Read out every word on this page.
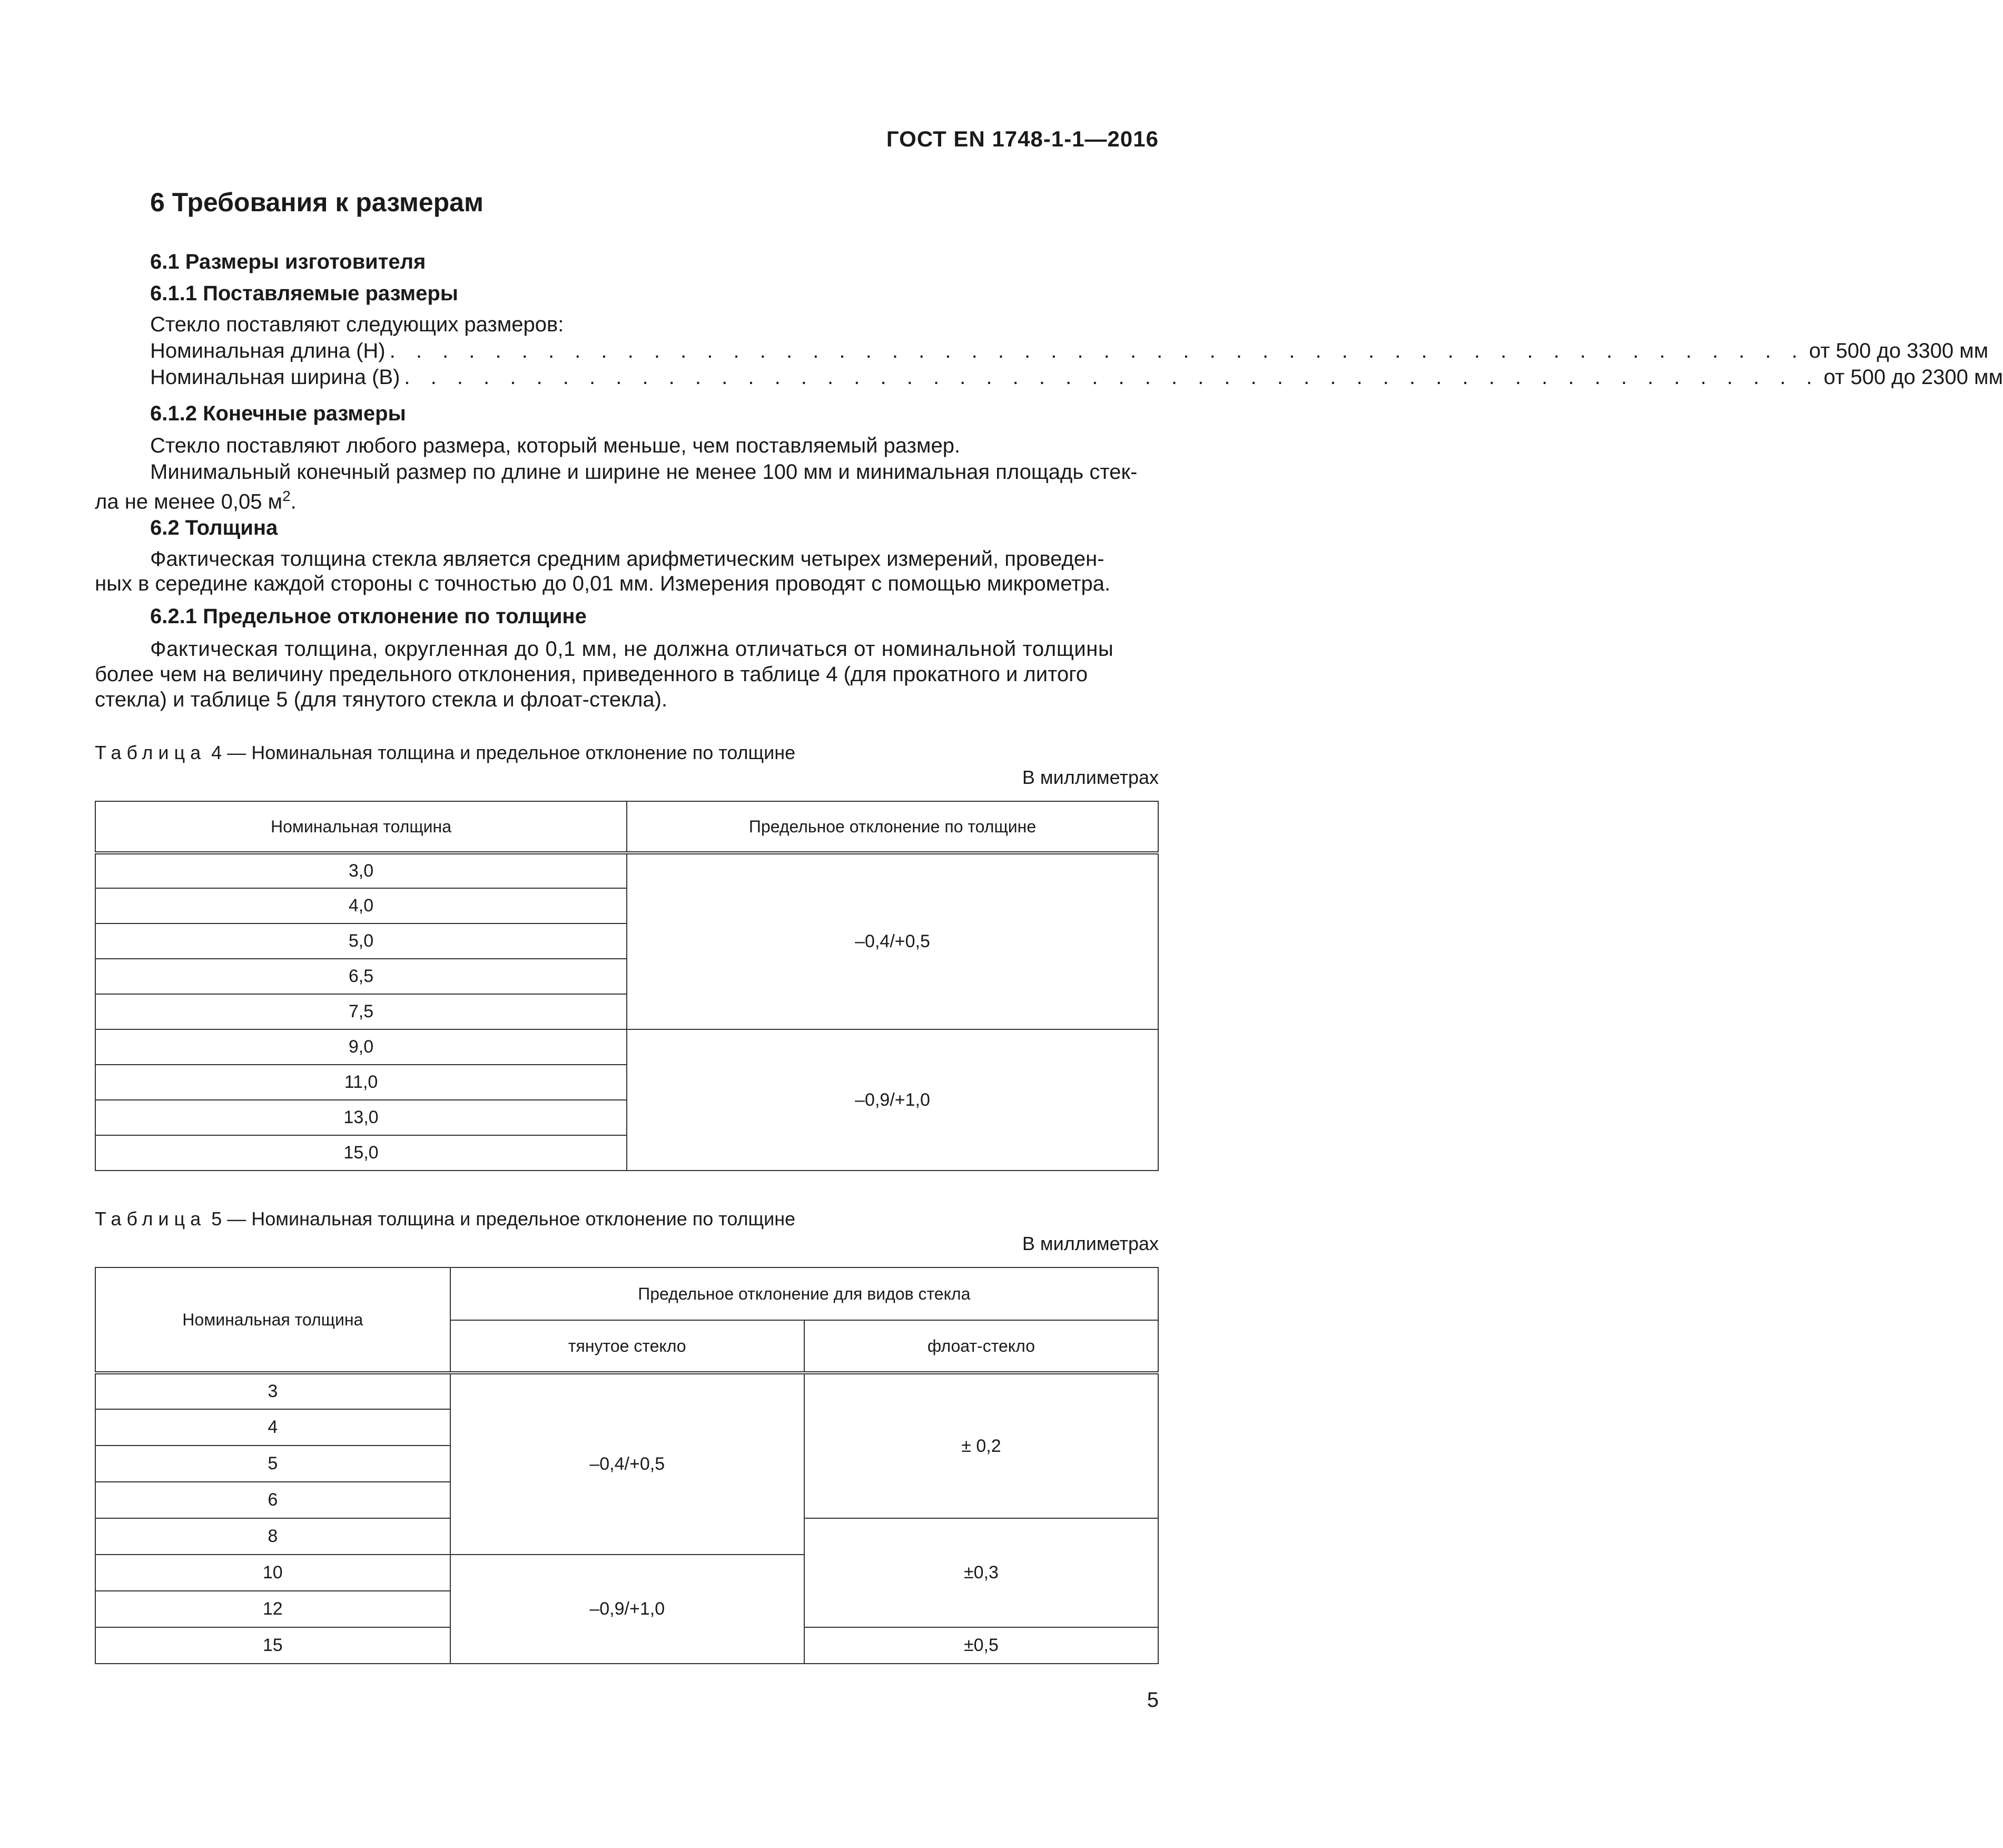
ГОСТ EN 1748-1-1—2016
6 Требования к размерам
6.1 Размеры изготовителя
6.1.1 Поставляемые размеры
Стекло поставляют следующих размеров:
Номинальная длина (Н) . . . . . . . . . . . . . . . . . . . . . . . . . . . . . . . . . . . . . . . . . . . . . . . . . . . . . . от 500 до 3300 мм
Номинальная ширина (В) . . . . . . . . . . . . . . . . . . . . . . . . . . . . . . . . . . . . . . . . . . . . . . . . . . . . . . от 500 до 2300 мм
6.1.2 Конечные размеры
Стекло поставляют любого размера, который меньше, чем поставляемый размер.
Минимальный конечный размер по длине и ширине не менее 100 мм и минимальная площадь стек-
ла не менее 0,05 $м^2$.
6.2 Толщина
Фактическая толщина стекла является средним арифметическим четырех измерений, проведен-
ных в середине каждой стороны с точностью до 0,01 мм. Измерения проводят с помощью микрометра.
6.2.1 Предельное отклонение по толщине
Фактическая толщина, округленная до 0,1 мм, не должна отличаться от номинальной толщины
более чем на величину предельного отклонения, приведенного в таблице 4 (для прокатного и литого
стекла) и таблице 5 (для тянутого стекла и флоат-стекла).
Таблица 4 — Номинальная толщина и предельное отклонение по толщине
В миллиметрах
Номинальная толщина	Предельное отклонение по толщине
3,0	–0,4/+0,5
4,0	
5,0	
6,5	
7,5	
9,0	–0,9/+1,0
11,0	
13,0	
15,0	
Таблица 5 — Номинальная толщина и предельное отклонение по толщине
В миллиметрах
Номинальная толщина	Предельное отклонение для видов стекла	
	тянутое стекло	флоат-стекло
3	–0,4/+0,5	± 0,2
4		
5		
6		
8		±0,3
10	–0,9/+1,0	
12		
15		±0,5
5
